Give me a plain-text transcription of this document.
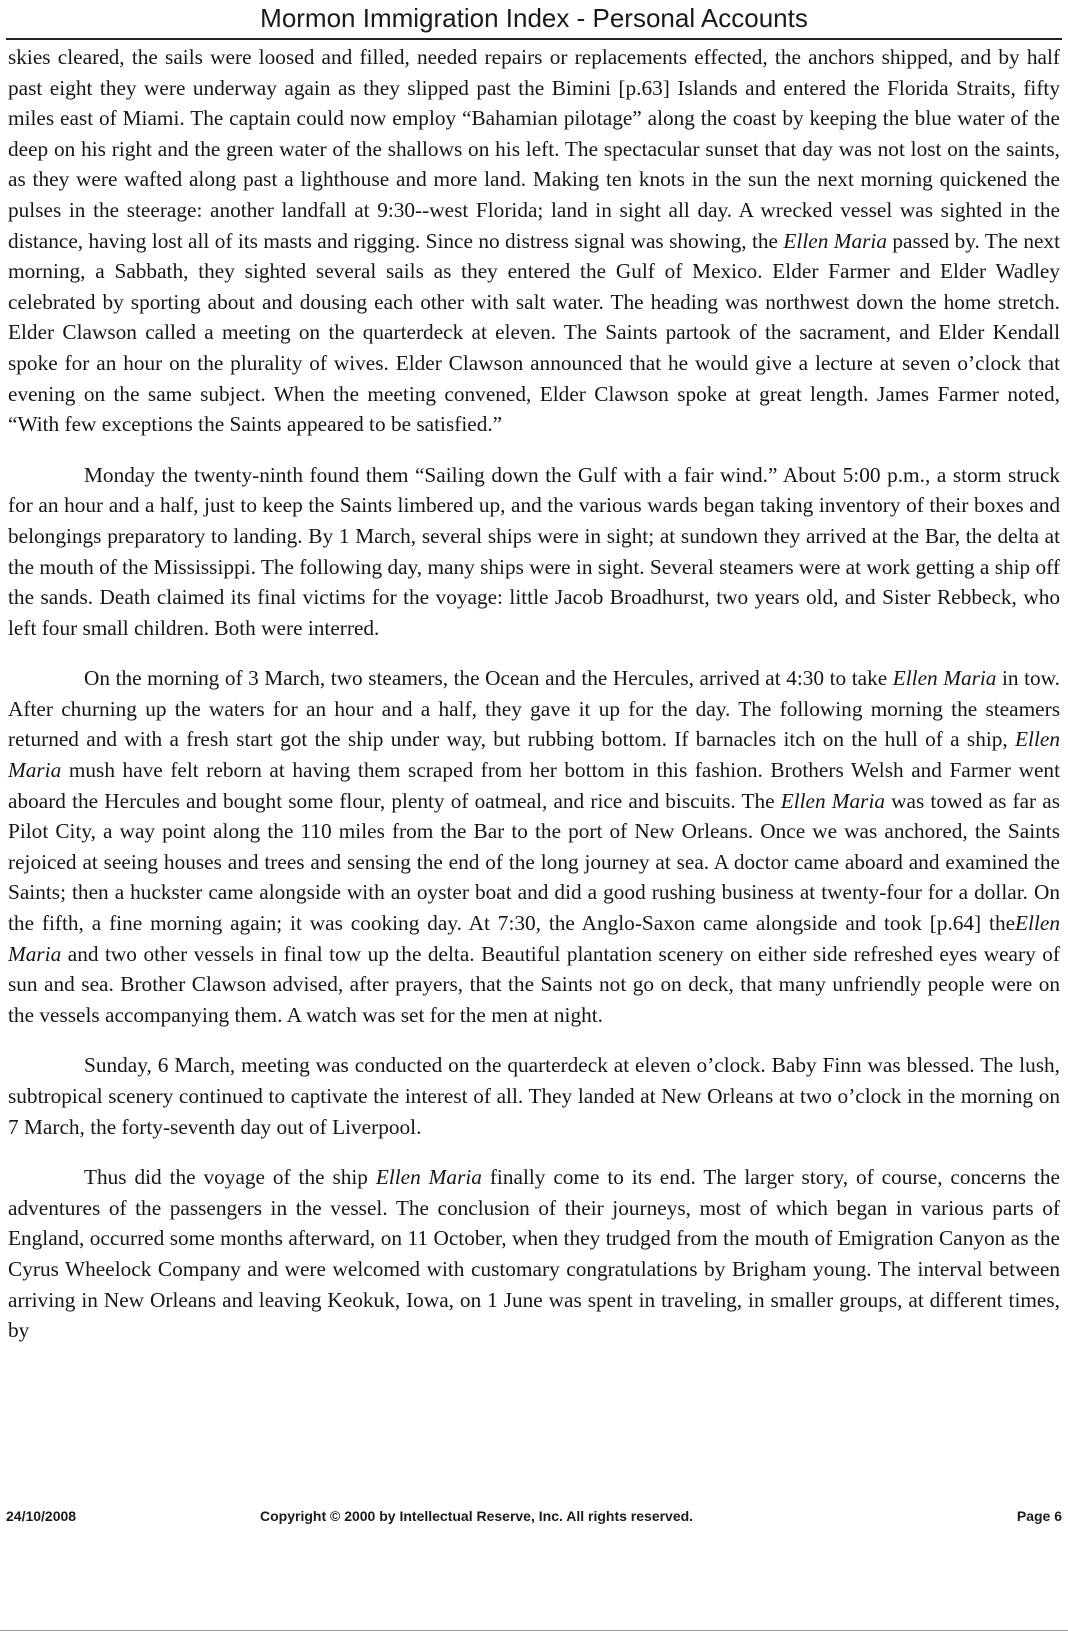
Mormon Immigration Index - Personal Accounts

skies cleared, the sails were loosed and filled, needed repairs or replacements effected, the anchors shipped, and by half past eight they were underway again as they slipped past the Bimini [p.63] Islands and entered the Florida Straits, fifty miles east of Miami. The captain could now employ “Bahamian pilotage” along the coast by keeping the blue water of the deep on his right and the green water of the shallows on his left. The spectacular sunset that day was not lost on the saints, as they were wafted along past a lighthouse and more land. Making ten knots in the sun the next morning quickened the pulses in the steerage: another landfall at 9:30--west Florida; land in sight all day. A wrecked vessel was sighted in the distance, having lost all of its masts and rigging. Since no distress signal was showing, the Ellen Maria passed by. The next morning, a Sabbath, they sighted several sails as they entered the Gulf of Mexico. Elder Farmer and Elder Wadley celebrated by sporting about and dousing each other with salt water. The heading was northwest down the home stretch. Elder Clawson called a meeting on the quarterdeck at eleven. The Saints partook of the sacrament, and Elder Kendall spoke for an hour on the plurality of wives. Elder Clawson announced that he would give a lecture at seven o’clock that evening on the same subject. When the meeting convened, Elder Clawson spoke at great length. James Farmer noted, “With few exceptions the Saints appeared to be satisfied.”

Monday the twenty-ninth found them “Sailing down the Gulf with a fair wind.” About 5:00 p.m., a storm struck for an hour and a half, just to keep the Saints limbered up, and the various wards began taking inventory of their boxes and belongings preparatory to landing. By 1 March, several ships were in sight; at sundown they arrived at the Bar, the delta at the mouth of the Mississippi. The following day, many ships were in sight. Several steamers were at work getting a ship off the sands. Death claimed its final victims for the voyage: little Jacob Broadhurst, two years old, and Sister Rebbeck, who left four small children. Both were interred.

On the morning of 3 March, two steamers, the Ocean and the Hercules, arrived at 4:30 to take Ellen Maria in tow. After churning up the waters for an hour and a half, they gave it up for the day. The following morning the steamers returned and with a fresh start got the ship under way, but rubbing bottom. If barnacles itch on the hull of a ship, Ellen Maria mush have felt reborn at having them scraped from her bottom in this fashion. Brothers Welsh and Farmer went aboard the Hercules and bought some flour, plenty of oatmeal, and rice and biscuits. The Ellen Maria was towed as far as Pilot City, a way point along the 110 miles from the Bar to the port of New Orleans. Once we was anchored, the Saints rejoiced at seeing houses and trees and sensing the end of the long journey at sea. A doctor came aboard and examined the Saints; then a huckster came alongside with an oyster boat and did a good rushing business at twenty-four for a dollar. On the fifth, a fine morning again; it was cooking day. At 7:30, the Anglo-Saxon came alongside and took [p.64] theEllen Maria and two other vessels in final tow up the delta. Beautiful plantation scenery on either side refreshed eyes weary of sun and sea. Brother Clawson advised, after prayers, that the Saints not go on deck, that many unfriendly people were on the vessels accompanying them. A watch was set for the men at night.

Sunday, 6 March, meeting was conducted on the quarterdeck at eleven o’clock. Baby Finn was blessed. The lush, subtropical scenery continued to captivate the interest of all. They landed at New Orleans at two o’clock in the morning on 7 March, the forty-seventh day out of Liverpool.

Thus did the voyage of the ship Ellen Maria finally come to its end. The larger story, of course, concerns the adventures of the passengers in the vessel. The conclusion of their journeys, most of which began in various parts of England, occurred some months afterward, on 11 October, when they trudged from the mouth of Emigration Canyon as the Cyrus Wheelock Company and were welcomed with customary congratulations by Brigham young. The interval between arriving in New Orleans and leaving Keokuk, Iowa, on 1 June was spent in traveling, in smaller groups, at different times, by

24/10/2008	Copyright © 2000 by Intellectual Reserve, Inc. All rights reserved.	Page 6
